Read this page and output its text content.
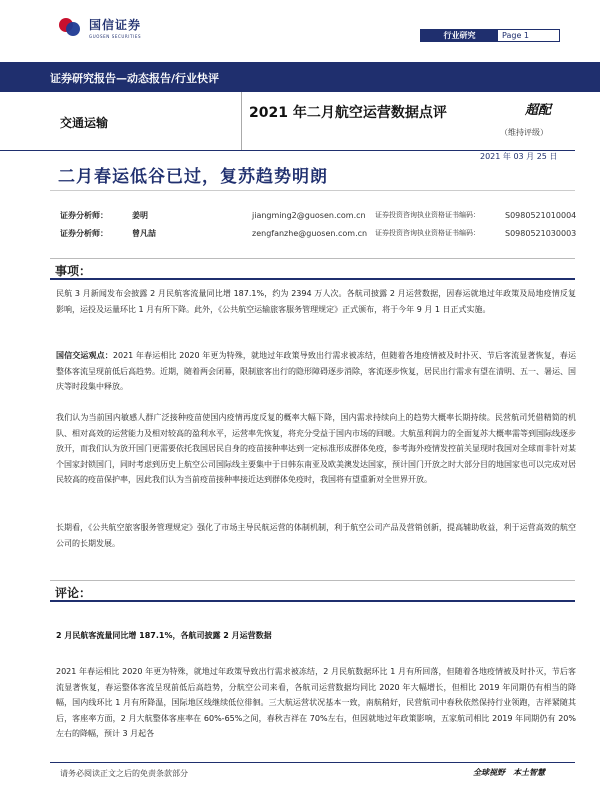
国信证券
GUOSEN SECURITIES	行业研究	Page 1
证券研究报告—动态报告/行业快评
交通运输
2021 年二月航空运营数据点评	超配
（维持评级）
2021 年 03 月 25 日
二月春运低谷已过，复苏趋势明朗
证券分析师：	姜明	jiangming2@guosen.com.cn	证券投资咨询执业资格证书编码：	S0980521010004
证券分析师：	曾凡喆	zengfanzhe@guosen.com.cn	证券投资咨询执业资格证书编码：	S0980521030003
事项：
民航 3 月新闻发布会披露 2 月民航客流量同比增 187.1%，约为 2394 万人次。各航司披露 2 月运营数据，因春运就地过年政策及局地疫情反复影响，运投及运量环比 1 月有所下降。此外，《公共航空运输旅客服务管理规定》正式颁布，将于今年 9 月 1 日正式实施。
国信交运观点：2021 年春运相比 2020 年更为特殊，就地过年政策导致出行需求被冻结，但随着各地疫情被及时扑灭、节后客流显著恢复，春运整体客流呈现前低后高趋势。近期，随着两会闭幕，限制旅客出行的隐形障碍逐步消除，客流逐步恢复，居民出行需求有望在清明、五一、暑运、国庆等时段集中释放。
我们认为当前国内敏感人群广泛接种疫苗使国内疫情再度反复的概率大幅下降，国内需求持续向上的趋势大概率长期持续。民营航司凭借精简的机队、相对高效的运营能力及相对较高的盈利水平，运营率先恢复，将充分受益于国内市场的回暖。大航虽利润力的全面复苏大概率需等到国际线逐步放开，而我们认为放开国门更需要依托我国居民自身的疫苗接种率达到一定标准形成群体免疫，参考海外疫情发控前关显现时我国对全球而非针对某个国家封锁国门，同时考虑到历史上航空公司国际线主要集中于日韩东南亚及欧美澳发达国家，预计国门开放之时大部分目的地国家也可以完成对居民较高的疫苗保护率，因此我们认为当前疫苗接种率接近达到群体免疫时，我国将有望重新对全世界开放。
长期看，《公共航空旅客服务管理规定》强化了市场主导民航运营的体制机制，利于航空公司产品及营销创新，提高辅助收益，利于运营高效的航空公司的长期发展。
评论：
2 月民航客流量同比增 187.1%，各航司披露 2 月运营数据
2021 年春运相比 2020 年更为特殊，就地过年政策导致出行需求被冻结，2 月民航数据环比 1 月有所回落，但随着各地疫情被及时扑灭，节后客流显著恢复，春运整体客流呈现前低后高趋势，分航空公司来看，各航司运营数据均同比 2020 年大幅增长，但相比 2019 年同期仍有相当的降幅，国内线环比 1 月有所降温，国际地区线继续低位徘徊。三大航运营状况基本一致，南航稍好，民营航司中春秋依然保持行业领跑，吉祥紧随其后，客座率方面，2 月大航整体客座率在 60%-65%之间，春秋吉祥在 70%左右，但因就地过年政策影响，五家航司相比 2019 年同期仍有 20%左右的降幅，预计 3 月起各
请务必阅读正文之后的免责条款部分	全球视野　本土智慧
